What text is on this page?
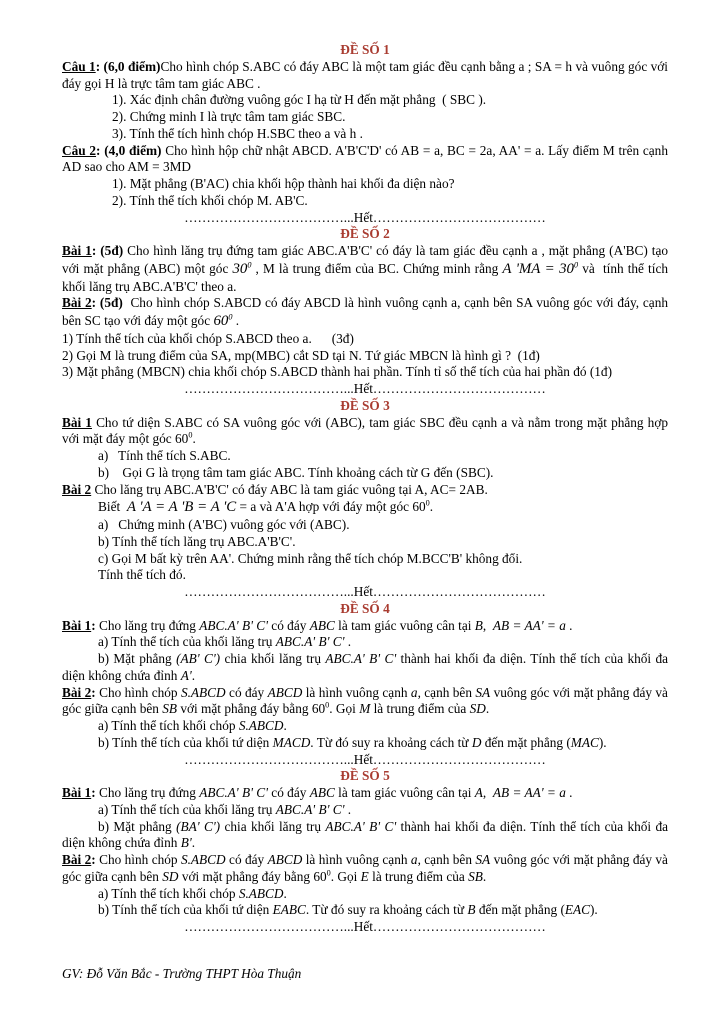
ĐỀ SỐ 1
Câu 1: (6,0 điểm)Cho hình chóp S.ABC có đáy ABC là một tam giác đều cạnh bằng a ; SA = h và vuông góc với đáy gọi H là trực tâm tam giác ABC .
1). Xác định chân đường vuông góc I hạ từ H đến mặt phẳng  ( SBC ).
2). Chứng minh I là trực tâm tam giác SBC.
3). Tính thể tích hình chóp H.SBC theo a và h .
Câu 2: (4,0 điểm) Cho hình hộp chữ nhật ABCD. A'B'C'D' có AB = a, BC = 2a, AA' = a. Lấy điểm M trên cạnh AD sao cho AM = 3MD
1). Mặt phẳng (B'AC) chia khối hộp thành hai khối đa diện nào?
2). Tính thể tích khối chóp M. AB'C.
………………………………...Hết…………………………………
ĐỀ SỐ 2
Bài 1: (5đ) Cho hình lăng trụ đứng tam giác ABC.A'B'C' có đáy là tam giác đều cạnh a , mặt phẳng (A'BC) tạo với mặt phẳng (ABC) một góc $30^0$ , M là trung điểm của BC. Chứng minh rằng A 'MA = $30^0$ và  tính thể tích khối lăng trụ ABC.A'B'C' theo a.
Bài 2: (5đ)  Cho hình chóp S.ABCD có đáy ABCD là hình vuông cạnh a, cạnh bên SA vuông góc với đáy, cạnh bên SC tạo với đáy một góc $60^0$ .
1) Tính thể tích của khối chóp S.ABCD theo a.      (3đ)
2) Gọi M là trung điểm của SA, mp(MBC) cắt SD tại N. Tứ giác MBCN là hình gì ?  (1đ)
3) Mặt phẳng (MBCN) chia khối chóp S.ABCD thành hai phần. Tính tỉ số thể tích của hai phần đó (1đ)
………………………………...Hết…………………………………
ĐỀ SỐ 3
Bài 1 Cho tứ diện S.ABC có SA vuông góc với (ABC), tam giác SBC đều cạnh a và nằm trong mặt phẳng hợp với mặt đáy một góc $60^0$.
a)   Tính thể tích S.ABC.
b)    Gọi G là trọng tâm tam giác ABC. Tính khoảng cách từ G đến (SBC).
Bài 2 Cho lăng trụ ABC.A'B'C' có đáy ABC là tam giác vuông tại A, AC= 2AB.
Biết  A 'A = A 'B = A 'C = a và A'A hợp với đáy một góc $60^0$.
a)   Chứng minh (A'BC) vuông góc với (ABC).
b) Tính thể tích lăng trụ ABC.A'B'C'.
c) Gọi M bất kỳ trên AA'. Chứng minh rằng thể tích chóp M.BCC'B' không đổi.
Tính thể tích đó.
………………………………...Hết…………………………………
ĐỀ SỐ 4
Bài 1: Cho lăng trụ đứng ABC.A' B' C' có đáy ABC là tam giác vuông cân tại B,  AB = AA' = a .
a) Tính thể tích của khối lăng trụ ABC.A' B' C' .
b) Mặt phẳng (AB' C') chia khối lăng trụ ABC.A' B' C' thành hai khối đa diện. Tính thể tích của khối đa diện không chứa đỉnh A'.
Bài 2: Cho hình chóp S.ABCD có đáy ABCD là hình vuông cạnh a, cạnh bên SA vuông góc với mặt phẳng đáy và góc giữa cạnh bên SB với mặt phẳng đáy bằng $60^0$. Gọi M là trung điểm của SD.
a) Tính thể tích khối chóp S.ABCD.
b) Tính thể tích của khối tứ diện MACD. Từ đó suy ra khoảng cách từ D đến mặt phẳng (MAC).
………………………………...Hết…………………………………
ĐỀ SỐ 5
Bài 1: Cho lăng trụ đứng ABC.A' B' C' có đáy ABC là tam giác vuông cân tại A,  AB = AA' = a .
a) Tính thể tích của khối lăng trụ ABC.A' B' C' .
b) Mặt phẳng (BA' C') chia khối lăng trụ ABC.A' B' C' thành hai khối đa diện. Tính thể tích của khối đa diện không chứa đỉnh B'.
Bài 2: Cho hình chóp S.ABCD có đáy ABCD là hình vuông cạnh a, cạnh bên SA vuông góc với mặt phẳng đáy và góc giữa cạnh bên SD với mặt phẳng đáy bằng $60^0$. Gọi E là trung điểm của SB.
a) Tính thể tích khối chóp S.ABCD.
b) Tính thể tích của khối tứ diện EABC. Từ đó suy ra khoảng cách từ B đến mặt phẳng (EAC).
………………………………...Hết…………………………………
GV: Đỗ Văn Bắc - Trường THPT Hòa Thuận
